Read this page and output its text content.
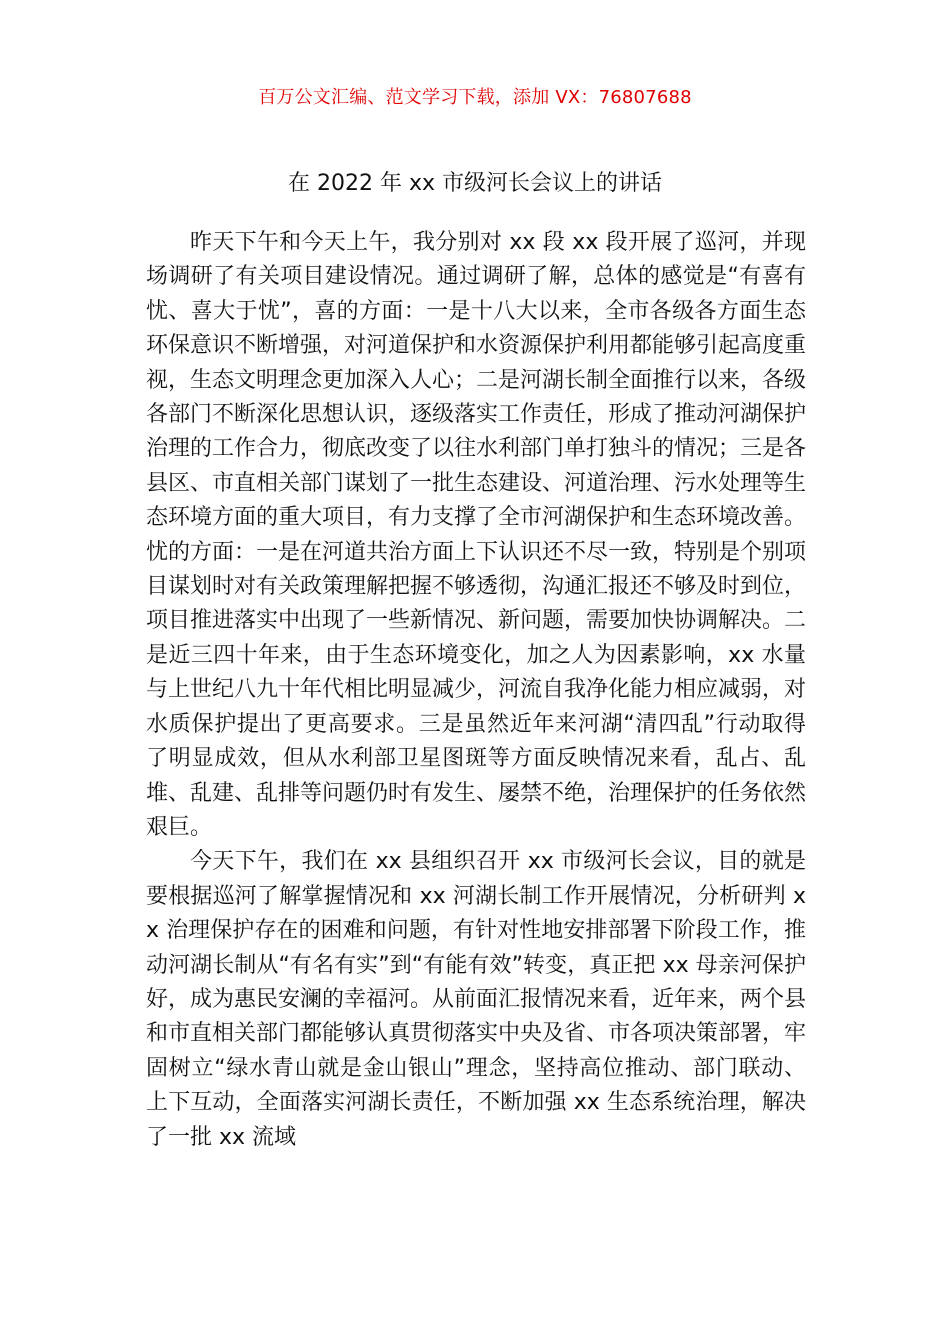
百万公文汇编、范文学习下载，添加 VX：76807688
在 2022 年 xx 市级河长会议上的讲话

昨天下午和今天上午，我分别对 xx 段 xx 段开展了巡河，并现场调研了有关项目建设情况。通过调研了解，总体的感觉是“有喜有忧、喜大于忧”，喜的方面：一是十八大以来，全市各级各方面生态环保意识不断增强，对河道保护和水资源保护利用都能够引起高度重视，生态文明理念更加深入人心；二是河湖长制全面推行以来，各级各部门不断深化思想认识，逐级落实工作责任，形成了推动河湖保护治理的工作合力，彻底改变了以往水利部门单打独斗的情况；三是各县区、市直相关部门谋划了一批生态建设、河道治理、污水处理等生态环境方面的重大项目，有力支撑了全市河湖保护和生态环境改善。忧的方面：一是在河道共治方面上下认识还不尽一致，特别是个别项目谋划时对有关政策理解把握不够透彻，沟通汇报还不够及时到位，项目推进落实中出现了一些新情况、新问题，需要加快协调解决。二是近三四十年来，由于生态环境变化，加之人为因素影响，xx 水量与上世纪八九十年代相比明显减少，河流自我净化能力相应减弱，对水质保护提出了更高要求。三是虽然近年来河湖“清四乱”行动取得了明显成效，但从水利部卫星图斑等方面反映情况来看，乱占、乱堆、乱建、乱排等问题仍时有发生、屡禁不绝，治理保护的任务依然艰巨。

今天下午，我们在 xx 县组织召开 xx 市级河长会议，目的就是要根据巡河了解掌握情况和 xx 河湖长制工作开展情况，分析研判 xx 治理保护存在的困难和问题，有针对性地安排部署下阶段工作，推动河湖长制从“有名有实”到“有能有效”转变，真正把 xx 母亲河保护好，成为惠民安澜的幸福河。从前面汇报情况来看，近年来，两个县和市直相关部门都能够认真贯彻落实中央及省、市各项决策部署，牢固树立“绿水青山就是金山银山”理念，坚持高位推动、部门联动、上下互动，全面落实河湖长责任，不断加强 xx 生态系统治理，解决了一批 xx 流域
